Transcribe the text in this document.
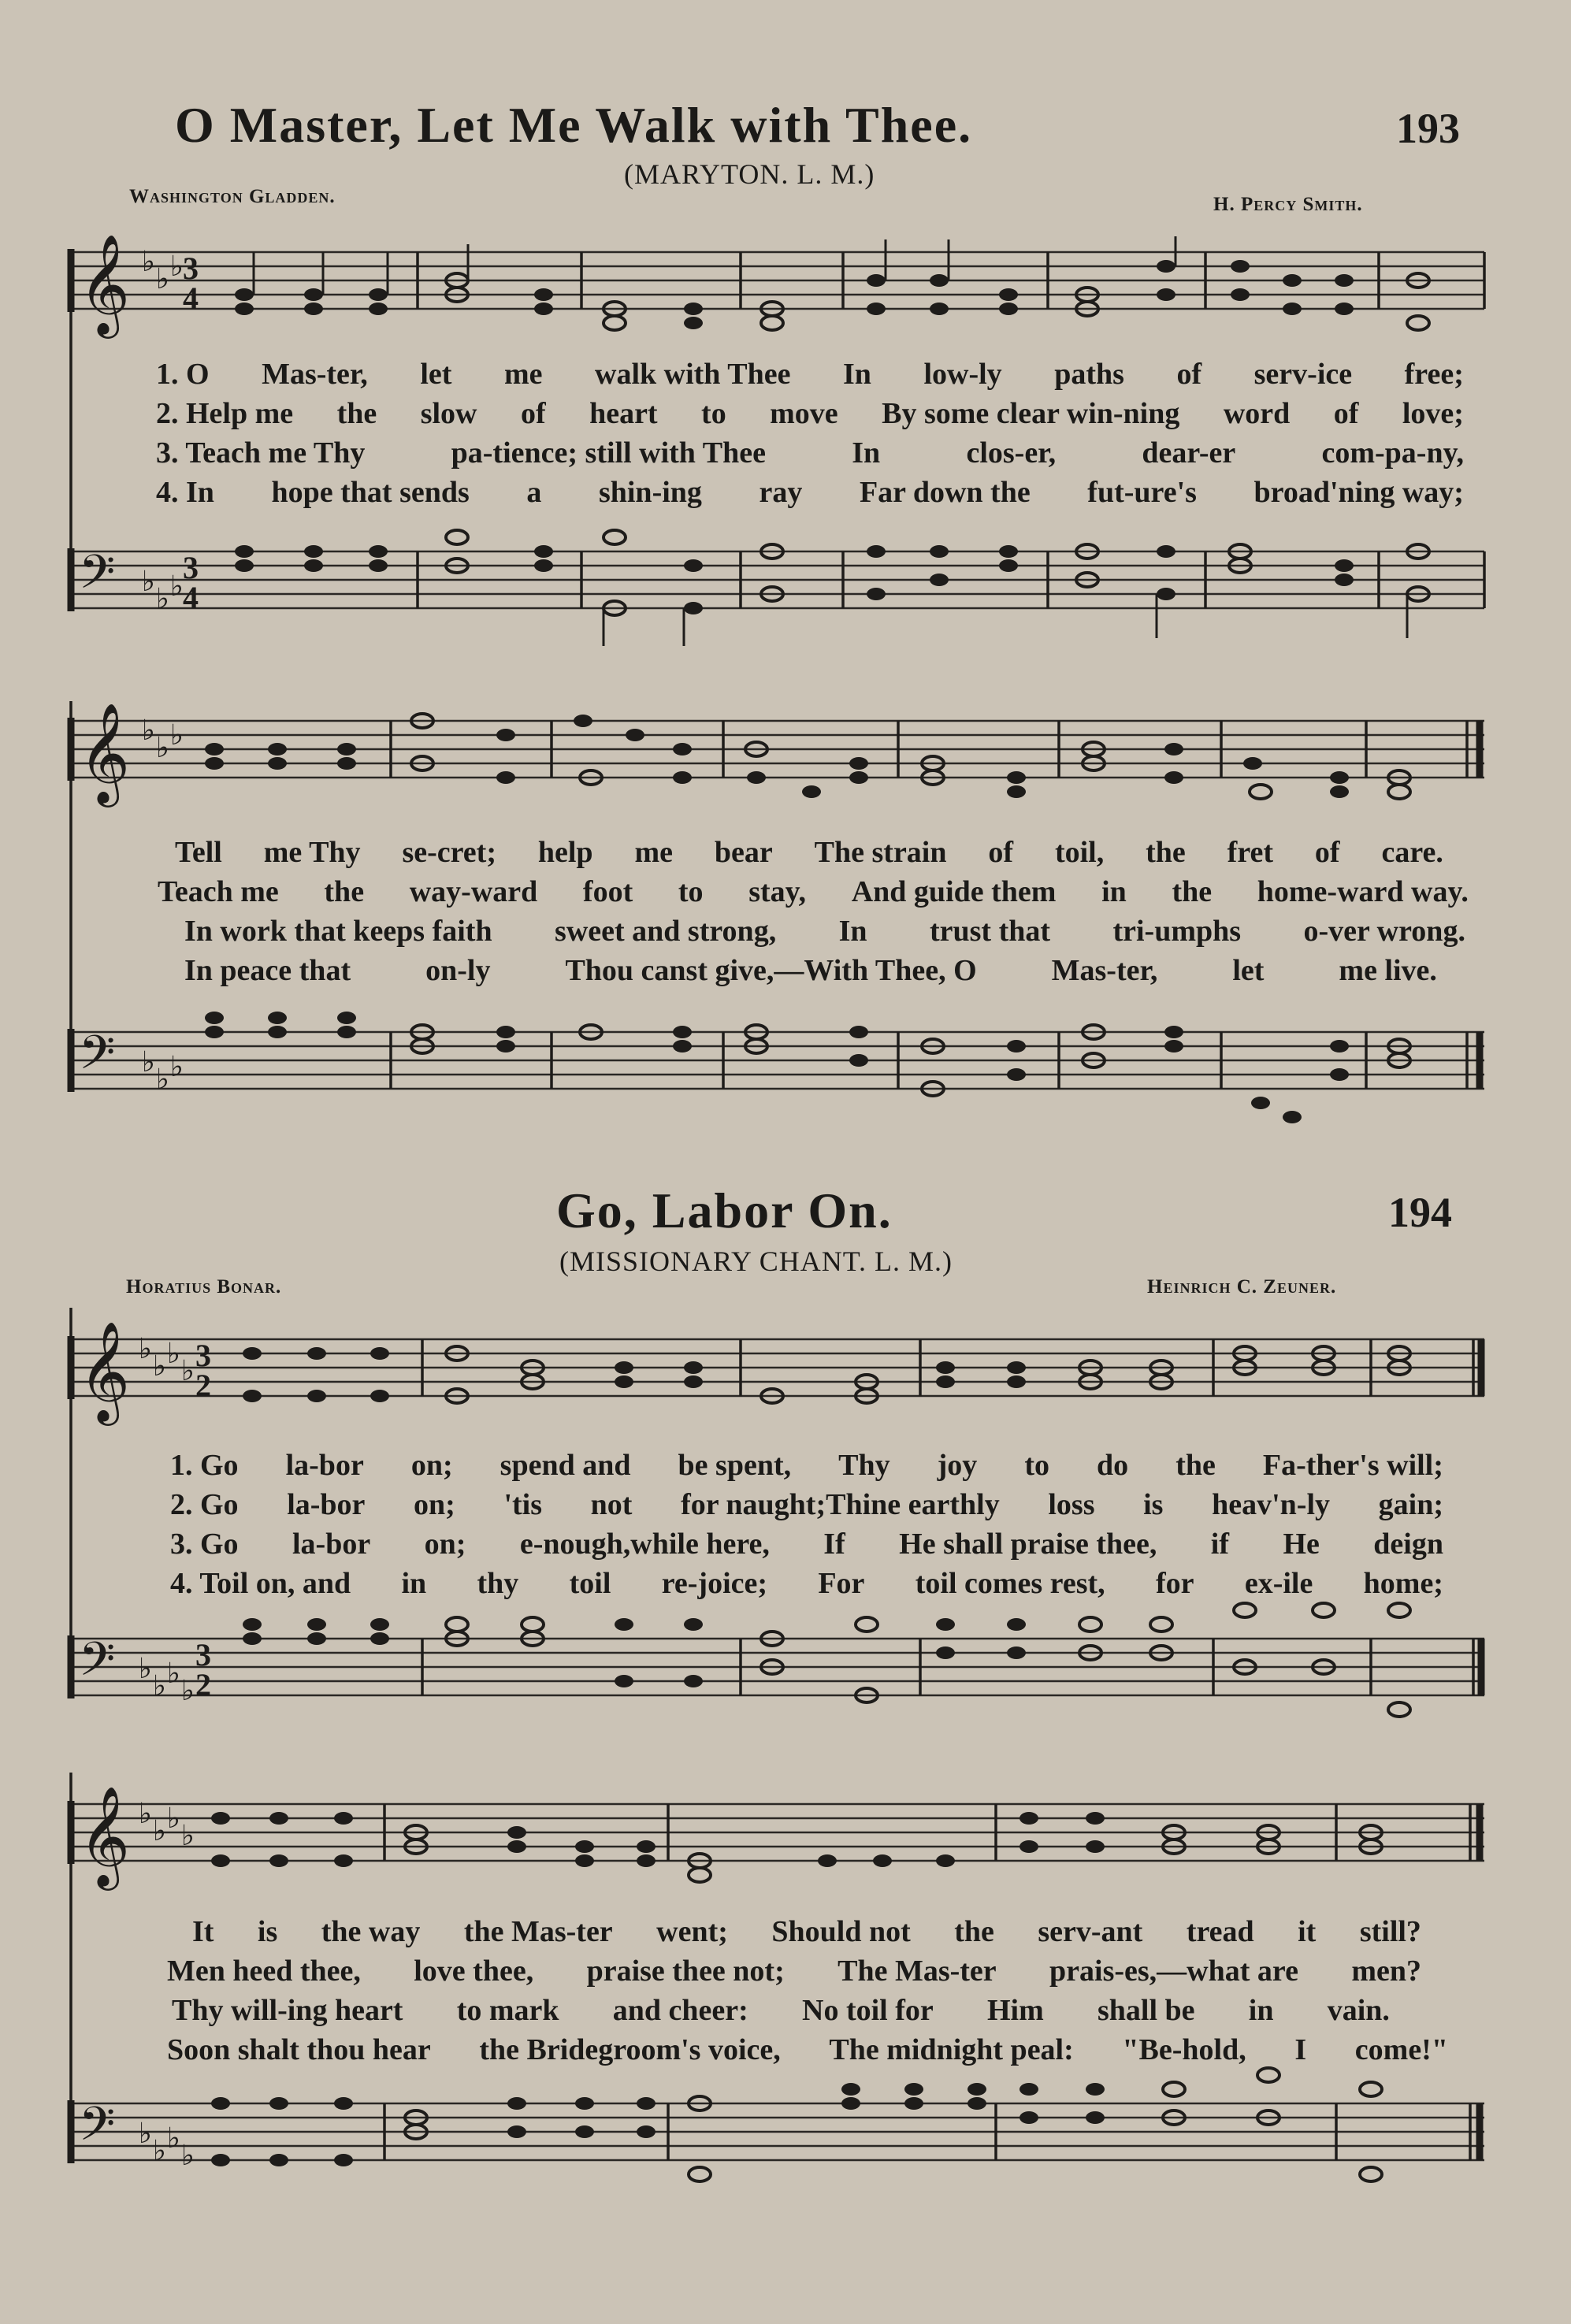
O Master, Let Me Walk with Thee.	193
(MARYTON. L. M.)
Washington Gladden.	H. Percy Smith.
𝄞 ♭
♭ ♭ 3
4
1. O Mas-ter, let me walk with Thee In low-ly paths of serv-ice free;
2. Help me the slow of heart to move By some clear win-ning word of love;
3. Teach me Thy	pa-tience; still with Thee	In	clos-er,	dear-er	com-pa-ny,
4. In hope that sends a shin-ing ray Far down the fut-ure's broad'ning way;
𝄢 ♭
♭ ♭
3
4
𝄞 ♭
♭ ♭
Tell me Thy se-cret; help me bear The strain of toil, the fret of care.
Teach me the way-ward foot to stay, And guide them in the home-ward way.
In work that keeps faith sweet and strong, In trust that tri-umphs o-ver wrong.
In peace that on-ly Thou canst give,—With Thee, O Mas-ter, let me live.
𝄢 ♭
♭ ♭
Go, Labor On.	194
(MISSIONARY CHANT. L. M.)
Horatius Bonar.	Heinrich C. Zeuner.
𝄞 ♭
♭ ♭
♭ 3
2
1. Go la-bor on; spend and be spent, Thy joy to do the Fa-ther's will;
2. Go la-bor on; 'tis not for naught;Thine earthly loss is heav'n-ly gain;
3. Go la-bor on; e-nough,while here, If He shall praise thee, if He deign
4. Toil on, and in thy toil re-joice; For toil comes rest, for ex-ile home;
𝄢 ♭
♭ ♭
♭
3
2
𝄞 ♭
♭ ♭
♭
It is the way the Mas-ter went; Should not the serv-ant tread it still?
Men heed thee, love thee, praise thee not; The Mas-ter prais-es,—what are men?
Thy will-ing heart to mark and cheer: No toil for Him shall be in vain.
Soon shalt thou hear the Bridegroom's voice, The midnight peal: "Be-hold, I come!"
𝄢 ♭
♭ ♭
♭
